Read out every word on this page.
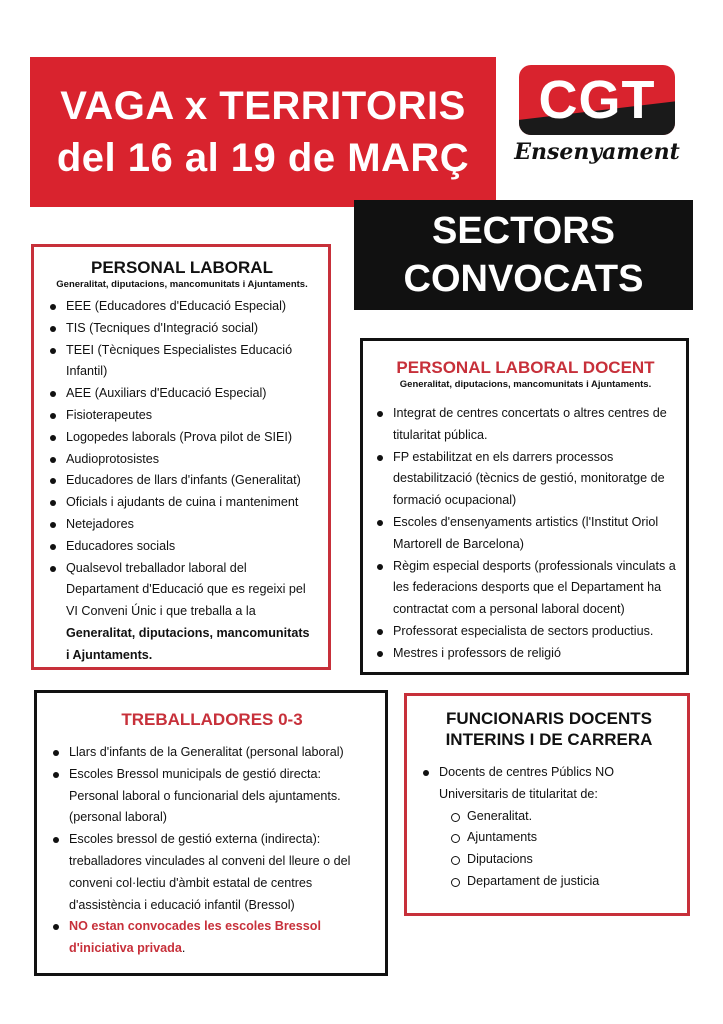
VAGA x TERRITORIS
del 16 al 19 de MARÇ
CGT
Ensenyament
SECTORS
CONVOCATS
PERSONAL LABORAL
Generalitat, diputacions, mancomunitats i Ajuntaments.
EEE (Educadores d'Educació Especial)
TIS (Tecniques d'Integració social)
TEEI (Tècniques Especialistes Educació Infantil)
AEE (Auxiliars d'Educació Especial)
Fisioterapeutes
Logopedes laborals (Prova pilot de SIEI)
Audioprotosistes
Educadores de llars d'infants (Generalitat)
Oficials i ajudants de cuina i manteniment
Netejadores
Educadores socials
Qualsevol treballador laboral del Departament d'Educació que es regeixi pel VI Conveni Únic i que treballa a la Generalitat, diputacions, mancomunitats i Ajuntaments.
PERSONAL LABORAL DOCENT
Generalitat, diputacions, mancomunitats i Ajuntaments.
Integrat de centres concertats o altres centres de titularitat pública.
FP estabilitzat en els darrers processos destabilització (tècnics de gestió, monitoratge de formació ocupacional)
Escoles d'ensenyaments artistics (l'Institut Oriol Martorell de Barcelona)
Règim especial desports (professionals vinculats a les federacions desports que el Departament ha contractat com a personal laboral docent)
Professorat especialista de sectors productius.
Mestres i professors de religió
TREBALLADORES 0-3
Llars d'infants de la Generalitat (personal laboral)
Escoles Bressol municipals de gestió directa: Personal laboral o funcionarial dels ajuntaments. (personal laboral)
Escoles bressol de gestió externa (indirecta): treballadores vinculades al conveni del lleure o del conveni col·lectiu d'àmbit estatal de centres d'assistència i educació infantil (Bressol)
NO estan convocades les escoles Bressol d'iniciativa privada.
FUNCIONARIS DOCENTS
INTERINS I DE CARRERA
Docents de centres Públics NO Universitaris de titularitat de:
Generalitat.
Ajuntaments
Diputacions
Departament de justicia
